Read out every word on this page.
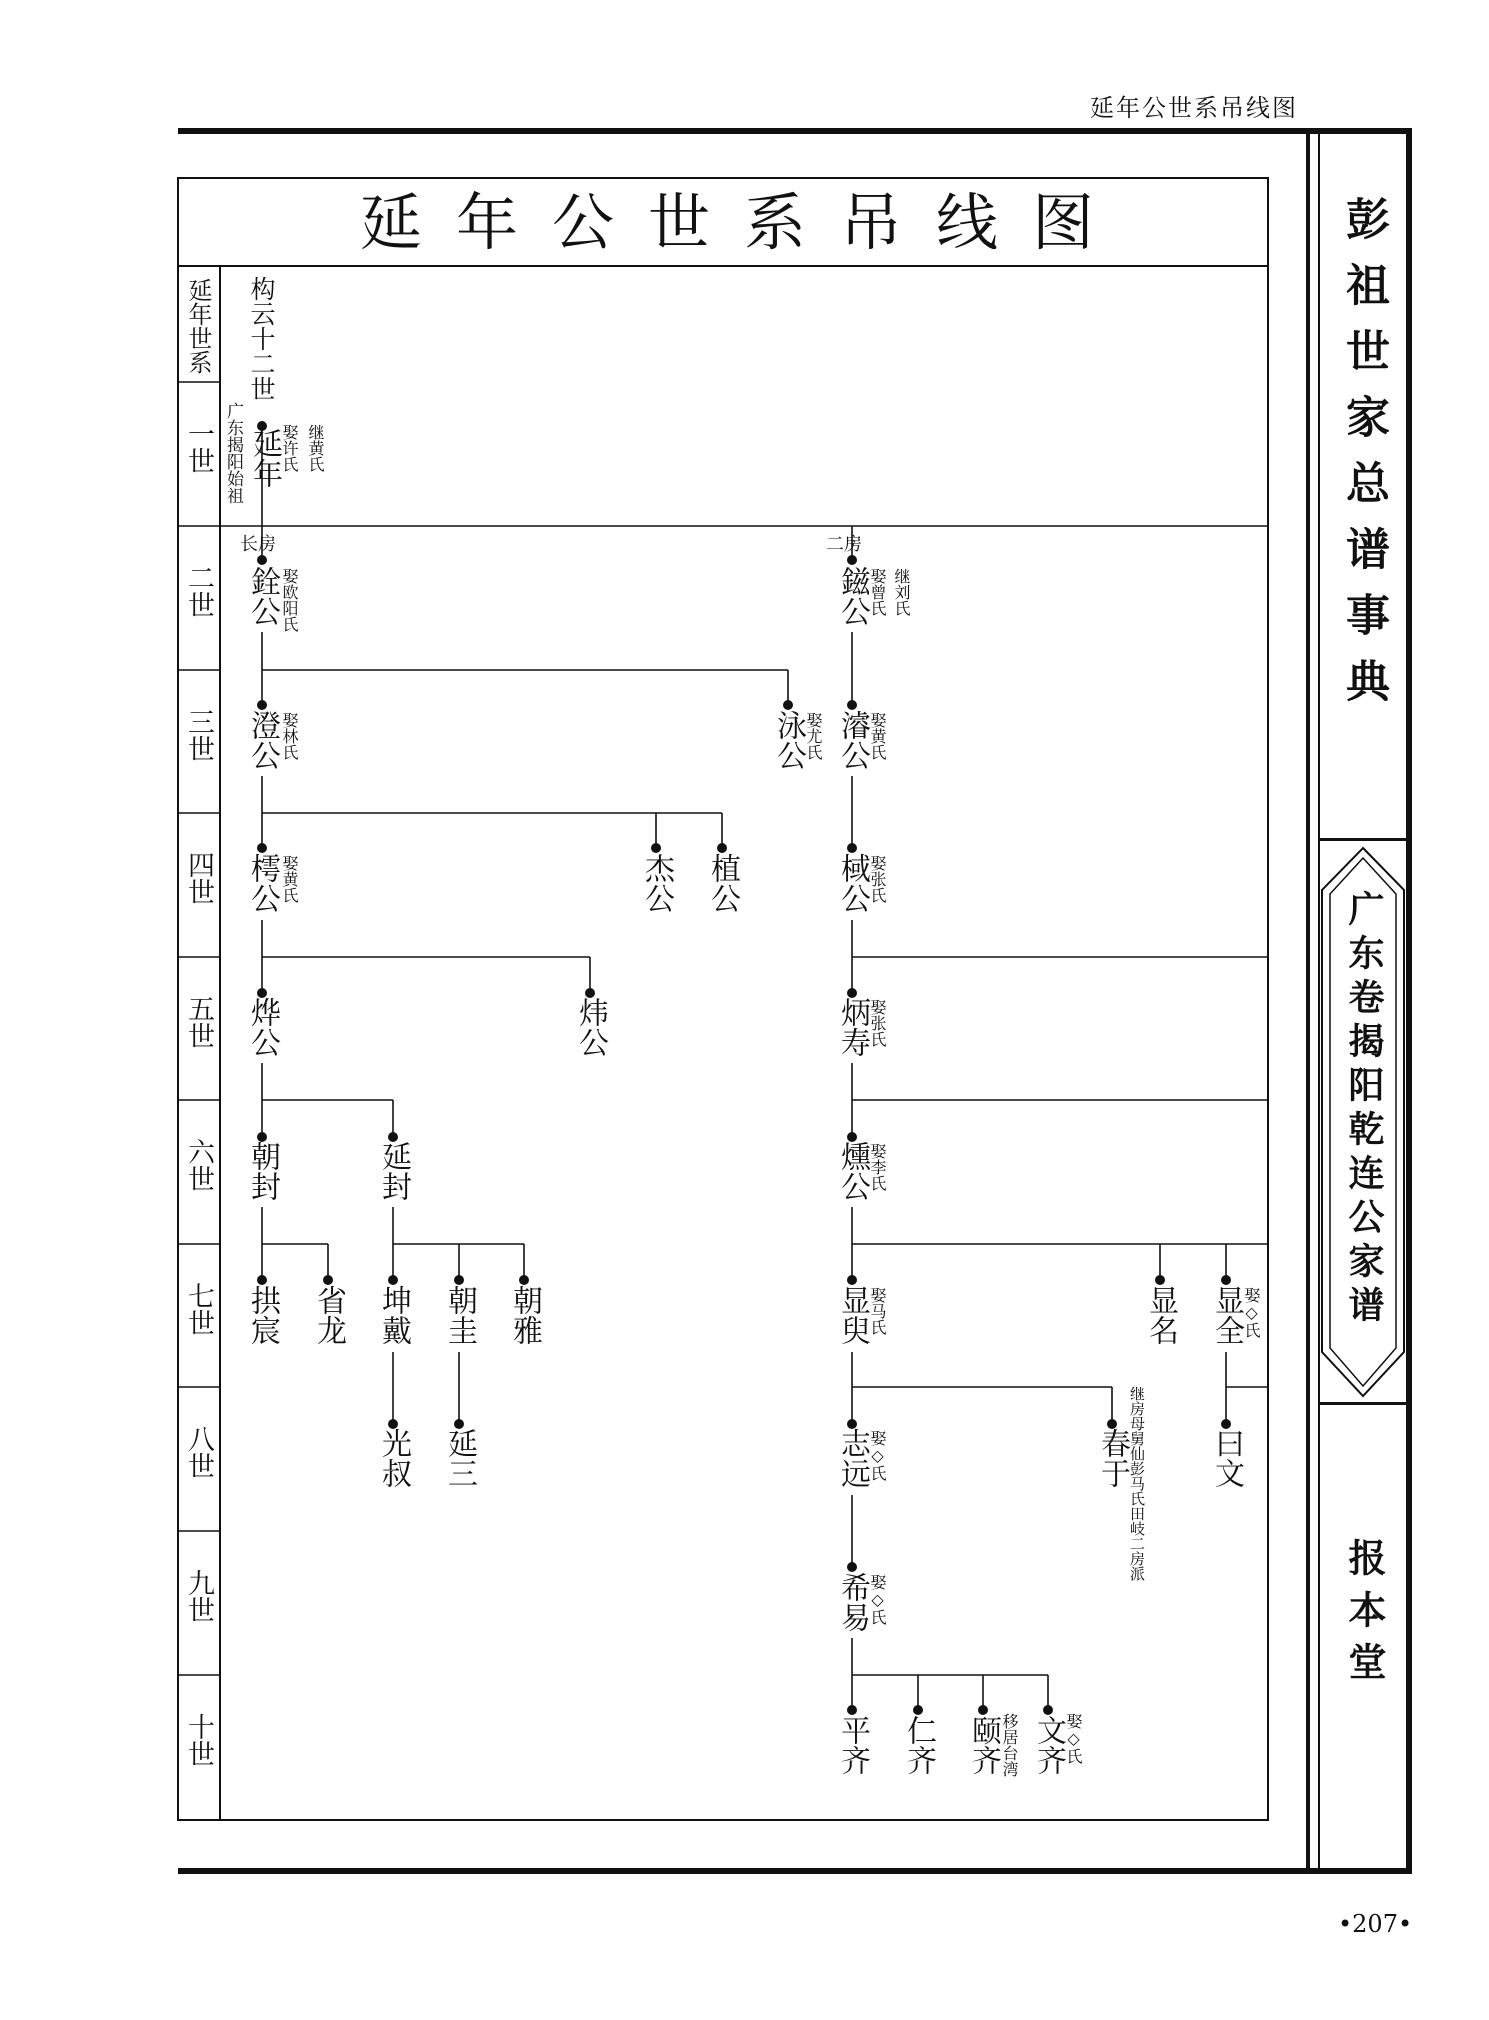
延年公世系吊线图
彭祖世家总谱事典
广东卷揭阳乾连公家谱
报本堂
•207•
延年公世系吊线图
延年世系
一世
二世
三世
四世
五世
六世
七世
八世
九世
十世
构云十二世
广东揭阳始祖 延年
娶许氏 继黄氏
长房	二房
銓公 娶欧阳氏	鎡公
娶曾氏 继刘氏
澄公 娶林氏	泳公
娶尤氏 濬公
娶黄氏
樗公 娶黄氏	杰公 植公	棫公
娶张氏
烨公	炜公	炳寿
娶张氏
朝封	延封	燻公
娶李氏
拱宸 省龙 坤戴 朝圭 朝雅	显臾
娶马氏	显名 显全
娶◇氏
光叔 延三	志远
娶◇氏	春于
继房母舅仙彭马氏田岐二房派 曰文
希易
娶◇氏
平齐 仁齐 颐齐 移居台湾 文齐
娶◇氏
